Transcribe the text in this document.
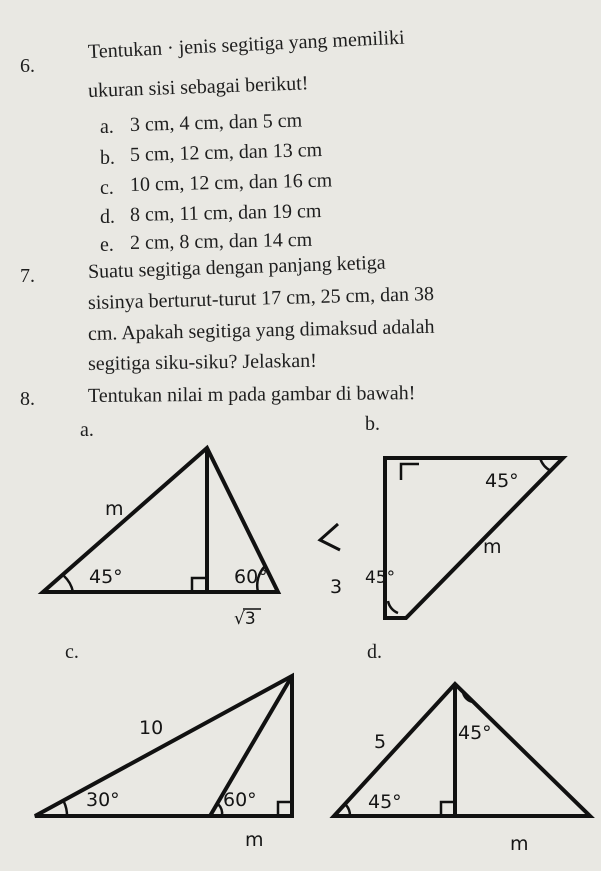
6.
Tentukan · jenis segitiga yang memiliki
ukuran sisi sebagai berikut!
a. 3 cm, 4 cm, dan 5 cm
b. 5 cm, 12 cm, dan 13 cm
c. 10 cm, 12 cm, dan 16 cm
d. 8 cm, 11 cm, dan 19 cm
e. 2 cm, 8 cm, dan 14 cm
7.	Suatu segitiga dengan panjang ketiga
sisinya berturut-turut 17 cm, 25 cm, dan 38
cm. Apakah segitiga yang dimaksud adalah
segitiga siku-siku? Jelaskan!
8.	Tentukan nilai m pada gambar di bawah!
a.	b.
m
45°	60°
√3
45°
m
45°
3
c.	d.
10
30°	60°
m
5	45°
45°
m
